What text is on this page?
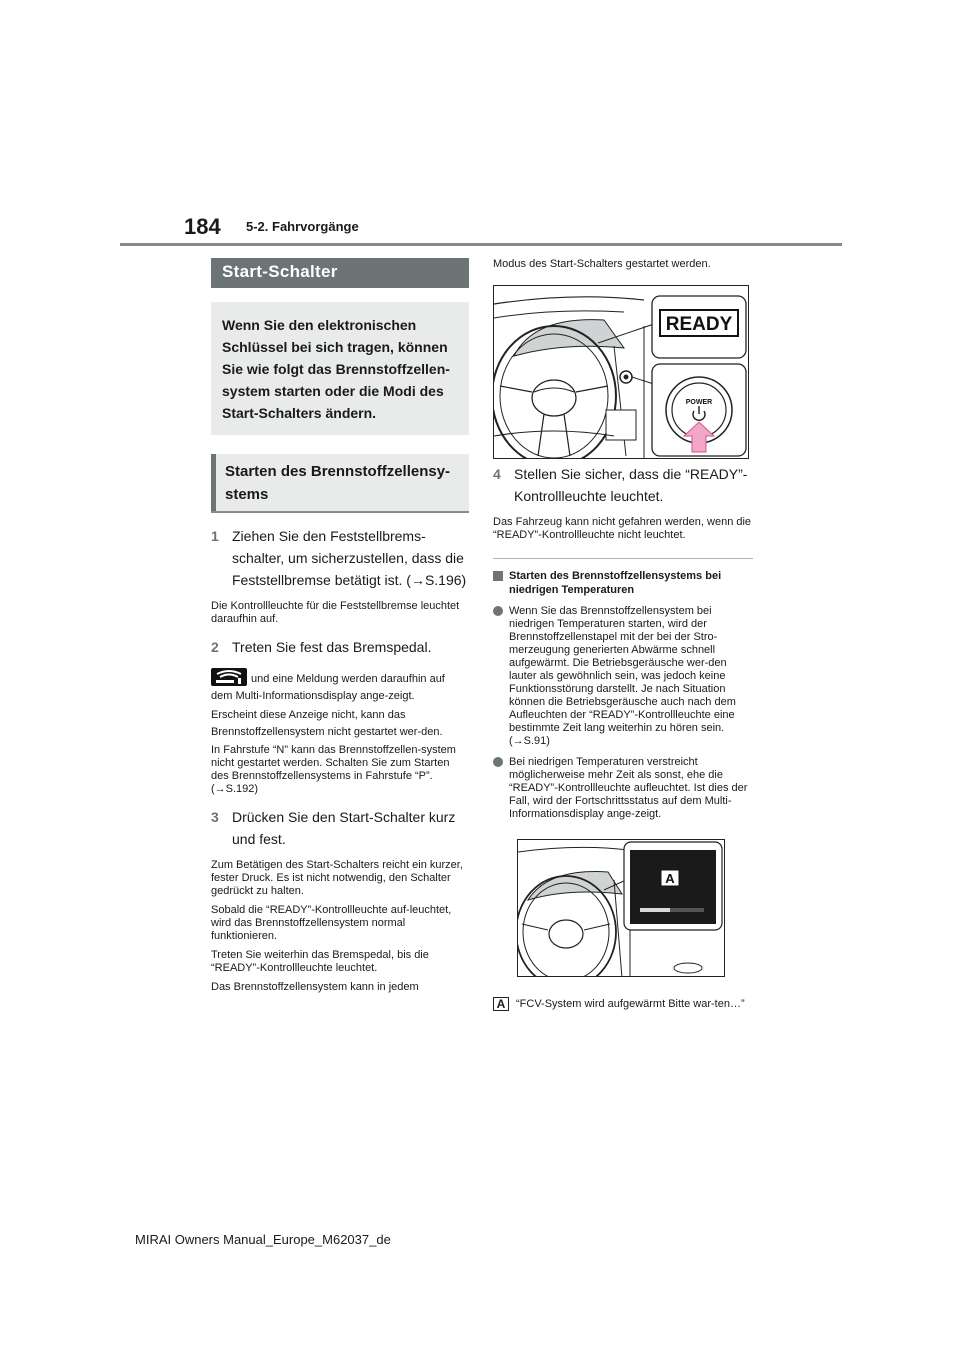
184 5-2. Fahrvorgänge
Start-Schalter
Wenn Sie den elektronischen Schlüssel bei sich tragen, können Sie wie folgt das Brennstoffzellen-system starten oder die Modi des Start-Schalters ändern.
Starten des Brennstoffzellensy-stems
1 Ziehen Sie den Feststellbrems-schalter, um sicherzustellen, dass die Feststellbremse betätigt ist. (→S.196)
Die Kontrollleuchte für die Feststellbremse leuchtet daraufhin auf.
2 Treten Sie fest das Bremspedal.
und eine Meldung werden daraufhin auf dem Multi-Informationsdisplay ange-zeigt.
Erscheint diese Anzeige nicht, kann das Brennstoffzellensystem nicht gestartet wer-den.
In Fahrstufe “N” kann das Brennstoffzellen-system nicht gestartet werden. Schalten Sie zum Starten des Brennstoffzellensystems in Fahrstufe “P”. (→S.192)
3 Drücken Sie den Start-Schalter kurz und fest.
Zum Betätigen des Start-Schalters reicht ein kurzer, fester Druck. Es ist nicht notwendig, den Schalter gedrückt zu halten.
Sobald die “READY”-Kontrollleuchte auf-leuchtet, wird das Brennstoffzellensystem normal funktionieren.
Treten Sie weiterhin das Bremspedal, bis die “READY”-Kontrollleuchte leuchtet.
Das Brennstoffzellensystem kann in jedem
Modus des Start-Schalters gestartet werden.
READY
POWER
4 Stellen Sie sicher, dass die “READY”-Kontrollleuchte leuchtet.
Das Fahrzeug kann nicht gefahren werden, wenn die “READY”-Kontrollleuchte nicht leuchtet.
Starten des Brennstoffzellensystems bei niedrigen Temperaturen
Wenn Sie das Brennstoffzellensystem bei niedrigen Temperaturen starten, wird der Brennstoffzellenstapel mit der bei der Stro-merzeugung generierten Abwärme schnell aufgewärmt. Die Betriebsgeräusche wer-den lauter als gewöhnlich sein, was jedoch keine Funktionsstörung darstellt. Je nach Situation können die Betriebsgeräusche auch nach dem Aufleuchten der “READY”-Kontrollleuchte eine bestimmte Zeit lang weiterhin zu hören sein. (→S.91)
Bei niedrigen Temperaturen verstreicht möglicherweise mehr Zeit als sonst, ehe die “READY”-Kontrollleuchte aufleuchtet. Ist dies der Fall, wird der Fortschrittsstatus auf dem Multi-Informationsdisplay ange-zeigt.
A
A “FCV-System wird aufgewärmt Bitte war-ten…”
MIRAI Owners Manual_Europe_M62037_de
